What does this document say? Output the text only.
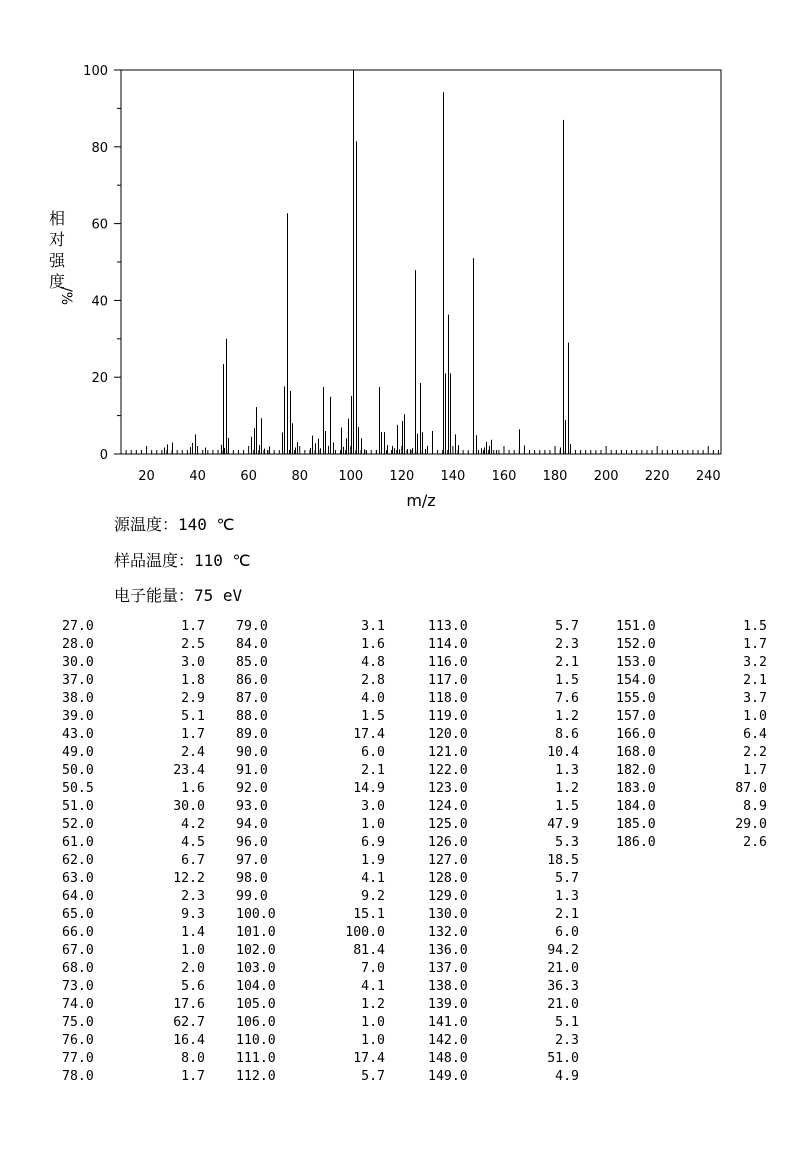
20	40	60	80 100 120 140 160 180 200 220 240
0
20
40
60
80
100
m/z
相
对
强
度
/%
源温度：140 ℃
样品温度：110 ℃
电子能量：75 eV
27.0	1.7
28.0	2.5
30.0	3.0
37.0	1.8
38.0	2.9
39.0	5.1
43.0	1.7
49.0	2.4
50.0	23.4
50.5	1.6
51.0	30.0
52.0	4.2
61.0	4.5
62.0	6.7
63.0	12.2
64.0	2.3
65.0	9.3
66.0	1.4
67.0	1.0
68.0	2.0
73.0	5.6
74.0	17.6
75.0	62.7
76.0	16.4
77.0	8.0
78.0	1.7
79.0	3.1
84.0	1.6
85.0	4.8
86.0	2.8
87.0	4.0
88.0	1.5
89.0	17.4
90.0	6.0
91.0	2.1
92.0	14.9
93.0	3.0
94.0	1.0
96.0	6.9
97.0	1.9
98.0	4.1
99.0	9.2
100.0	15.1
101.0	100.0
102.0	81.4
103.0	7.0
104.0	4.1
105.0	1.2
106.0	1.0
110.0	1.0
111.0	17.4
112.0	5.7
113.0	5.7
114.0	2.3
116.0	2.1
117.0	1.5
118.0	7.6
119.0	1.2
120.0	8.6
121.0	10.4
122.0	1.3
123.0	1.2
124.0	1.5
125.0	47.9
126.0	5.3
127.0	18.5
128.0	5.7
129.0	1.3
130.0	2.1
132.0	6.0
136.0	94.2
137.0	21.0
138.0	36.3
139.0	21.0
141.0	5.1
142.0	2.3
148.0	51.0
149.0	4.9
151.0	1.5
152.0	1.7
153.0	3.2
154.0	2.1
155.0	3.7
157.0	1.0
166.0	6.4
168.0	2.2
182.0	1.7
183.0	87.0
184.0	8.9
185.0	29.0
186.0	2.6
